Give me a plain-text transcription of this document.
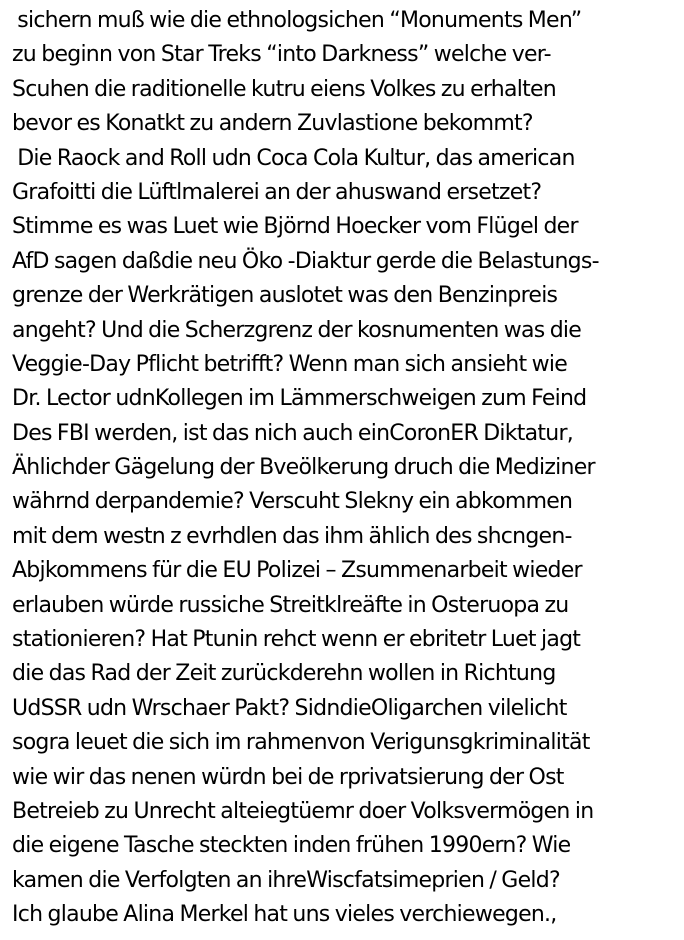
sichern muß wie die ethnologsichen “Monuments Men”
zu beginn von Star Treks “into Darkness” welche ver-
Scuhen die raditionelle kutru eiens Volkes zu erhalten
bevor es Konatkt zu andern Zuvlastione bekommt?
Die Raock and Roll udn Coca Cola Kultur, das american
Grafoitti die Lüftlmalerei an der ahuswand ersetzet?
Stimme es was Luet wie Björnd Hoecker vom Flügel der
AfD sagen daßdie neu Öko -Diaktur gerde die Belastungs-
grenze der Werkrätigen auslotet was den Benzinpreis
angeht? Und die Scherzgrenz der kosnumenten was die
Veggie-Day Pflicht betrifft? Wenn man sich ansieht wie
Dr. Lector udnKollegen im Lämmerschweigen zum Feind
Des FBI werden, ist das nich auch einCoronER Diktatur,
Ählichder Gägelung der Bveölkerung druch die Mediziner
währnd derpandemie? Verscuht Slekny ein abkommen
mit dem westn z evrhdlen das ihm ählich des shcngen-
Abjkommens für die EU Polizei – Zsummenarbeit wieder
erlauben würde russiche Streitklreäfte in Osteruopa zu
stationieren? Hat Ptunin rehct wenn er ebritetr Luet jagt
die das Rad der Zeit zurückderehn wollen in Richtung
UdSSR udn Wrschaer Pakt? SidndieOligarchen vilelicht
sogra leuet die sich im rahmenvon Verigunsgkriminalität
wie wir das nenen würdn bei de rprivatsierung der Ost
Betreieb zu Unrecht alteiegtüemr doer Volksvermögen in
die eigene Tasche steckten inden frühen 1990ern? Wie
kamen die Verfolgten an ihreWiscfatsimeprien / Geld?
Ich glaube Alina Merkel hat uns vieles verchiewegen.,
